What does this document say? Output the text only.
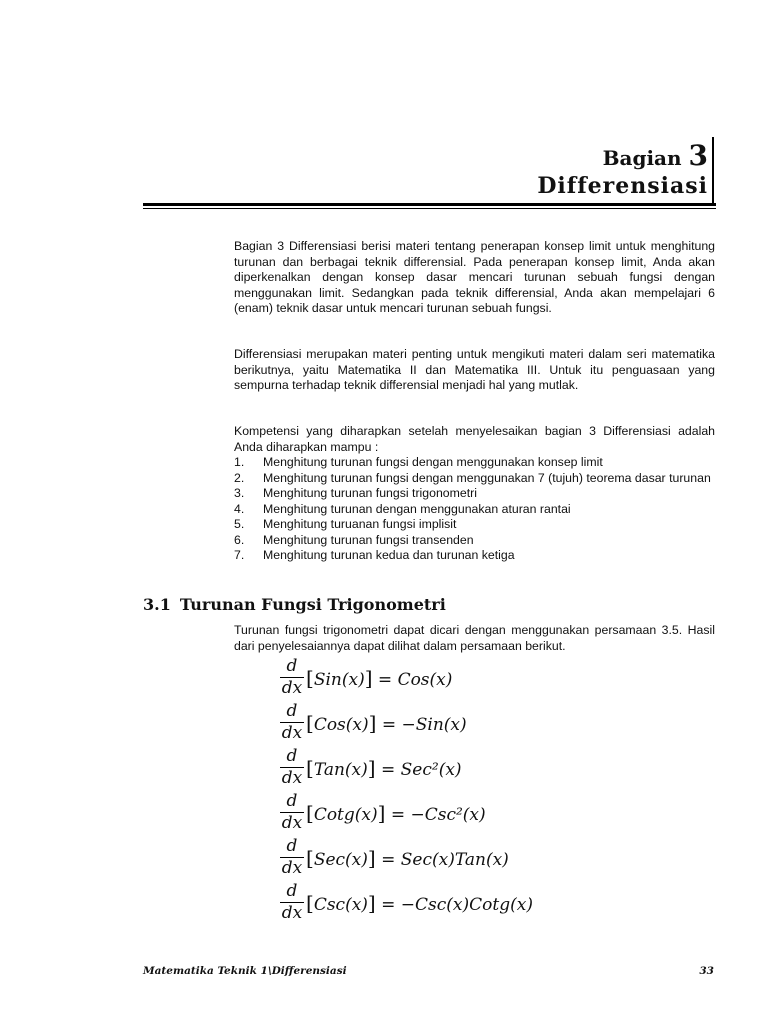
Bagian 3
Differensiasi

Bagian 3 Differensiasi berisi materi tentang penerapan konsep limit untuk menghitung turunan dan berbagai teknik differensial. Pada penerapan konsep limit, Anda akan diperkenalkan dengan konsep dasar mencari turunan sebuah fungsi dengan menggunakan limit. Sedangkan pada teknik differensial, Anda akan mempelajari 6 (enam) teknik dasar untuk mencari turunan sebuah fungsi.

Differensiasi merupakan materi penting untuk mengikuti materi dalam seri matematika berikutnya, yaitu Matematika II dan Matematika III. Untuk itu penguasaan yang sempurna terhadap teknik differensial menjadi hal yang mutlak.

Kompetensi yang diharapkan setelah menyelesaikan bagian 3 Differensiasi adalah Anda diharapkan mampu :

1.	Menghitung turunan fungsi dengan menggunakan konsep limit
2.	Menghitung turunan fungsi dengan menggunakan 7 (tujuh) teorema dasar turunan
3.	Menghitung turunan fungsi trigonometri
4.	Menghitung turunan dengan menggunakan aturan rantai
5.	Menghitung turuanan fungsi implisit
6.	Menghitung turunan fungsi transenden
7.	Menghitung turunan kedua dan turunan ketiga
3.1 Turunan Fungsi Trigonometri

Turunan fungsi trigonometri dapat dicari dengan menggunakan persamaan 3.5. Hasil dari penyelesaiannya dapat dilihat dalam persamaan berikut.

d
dx [Sin(x)] = Cos(x)
d
dx [Cos(x)] = −Sin(x)
d
dx [Tan(x)] = Sec²(x)
d
dx [Cotg(x)] = −Csc²(x)
d
dx [Sec(x)] = Sec(x)Tan(x)
d
dx [Csc(x)] = −Csc(x)Cotg(x)
Matematika Teknik 1\Differensiasi	33
